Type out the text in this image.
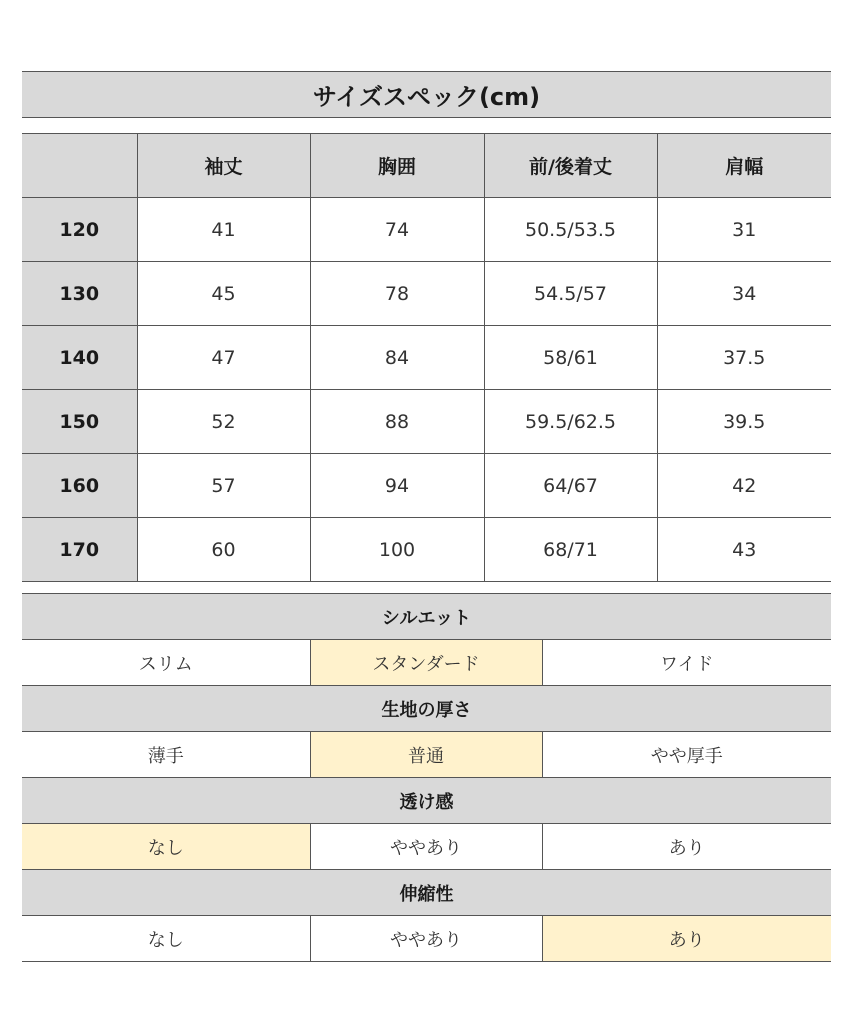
サイズスペック(cm)
	袖丈	胸囲	前/後着丈	肩幅
120	41	74	50.5/53.5	31
130	45	78	54.5/57	34
140	47	84	58/61	37.5
150	52	88	59.5/62.5	39.5
160	57	94	64/67	42
170	60	100	68/71	43
シルエット		
スリム	スタンダード	ワイド
生地の厚さ		
薄手	普通	やや厚手
透け感		
なし	ややあり	あり
伸縮性		
なし	ややあり	あり
